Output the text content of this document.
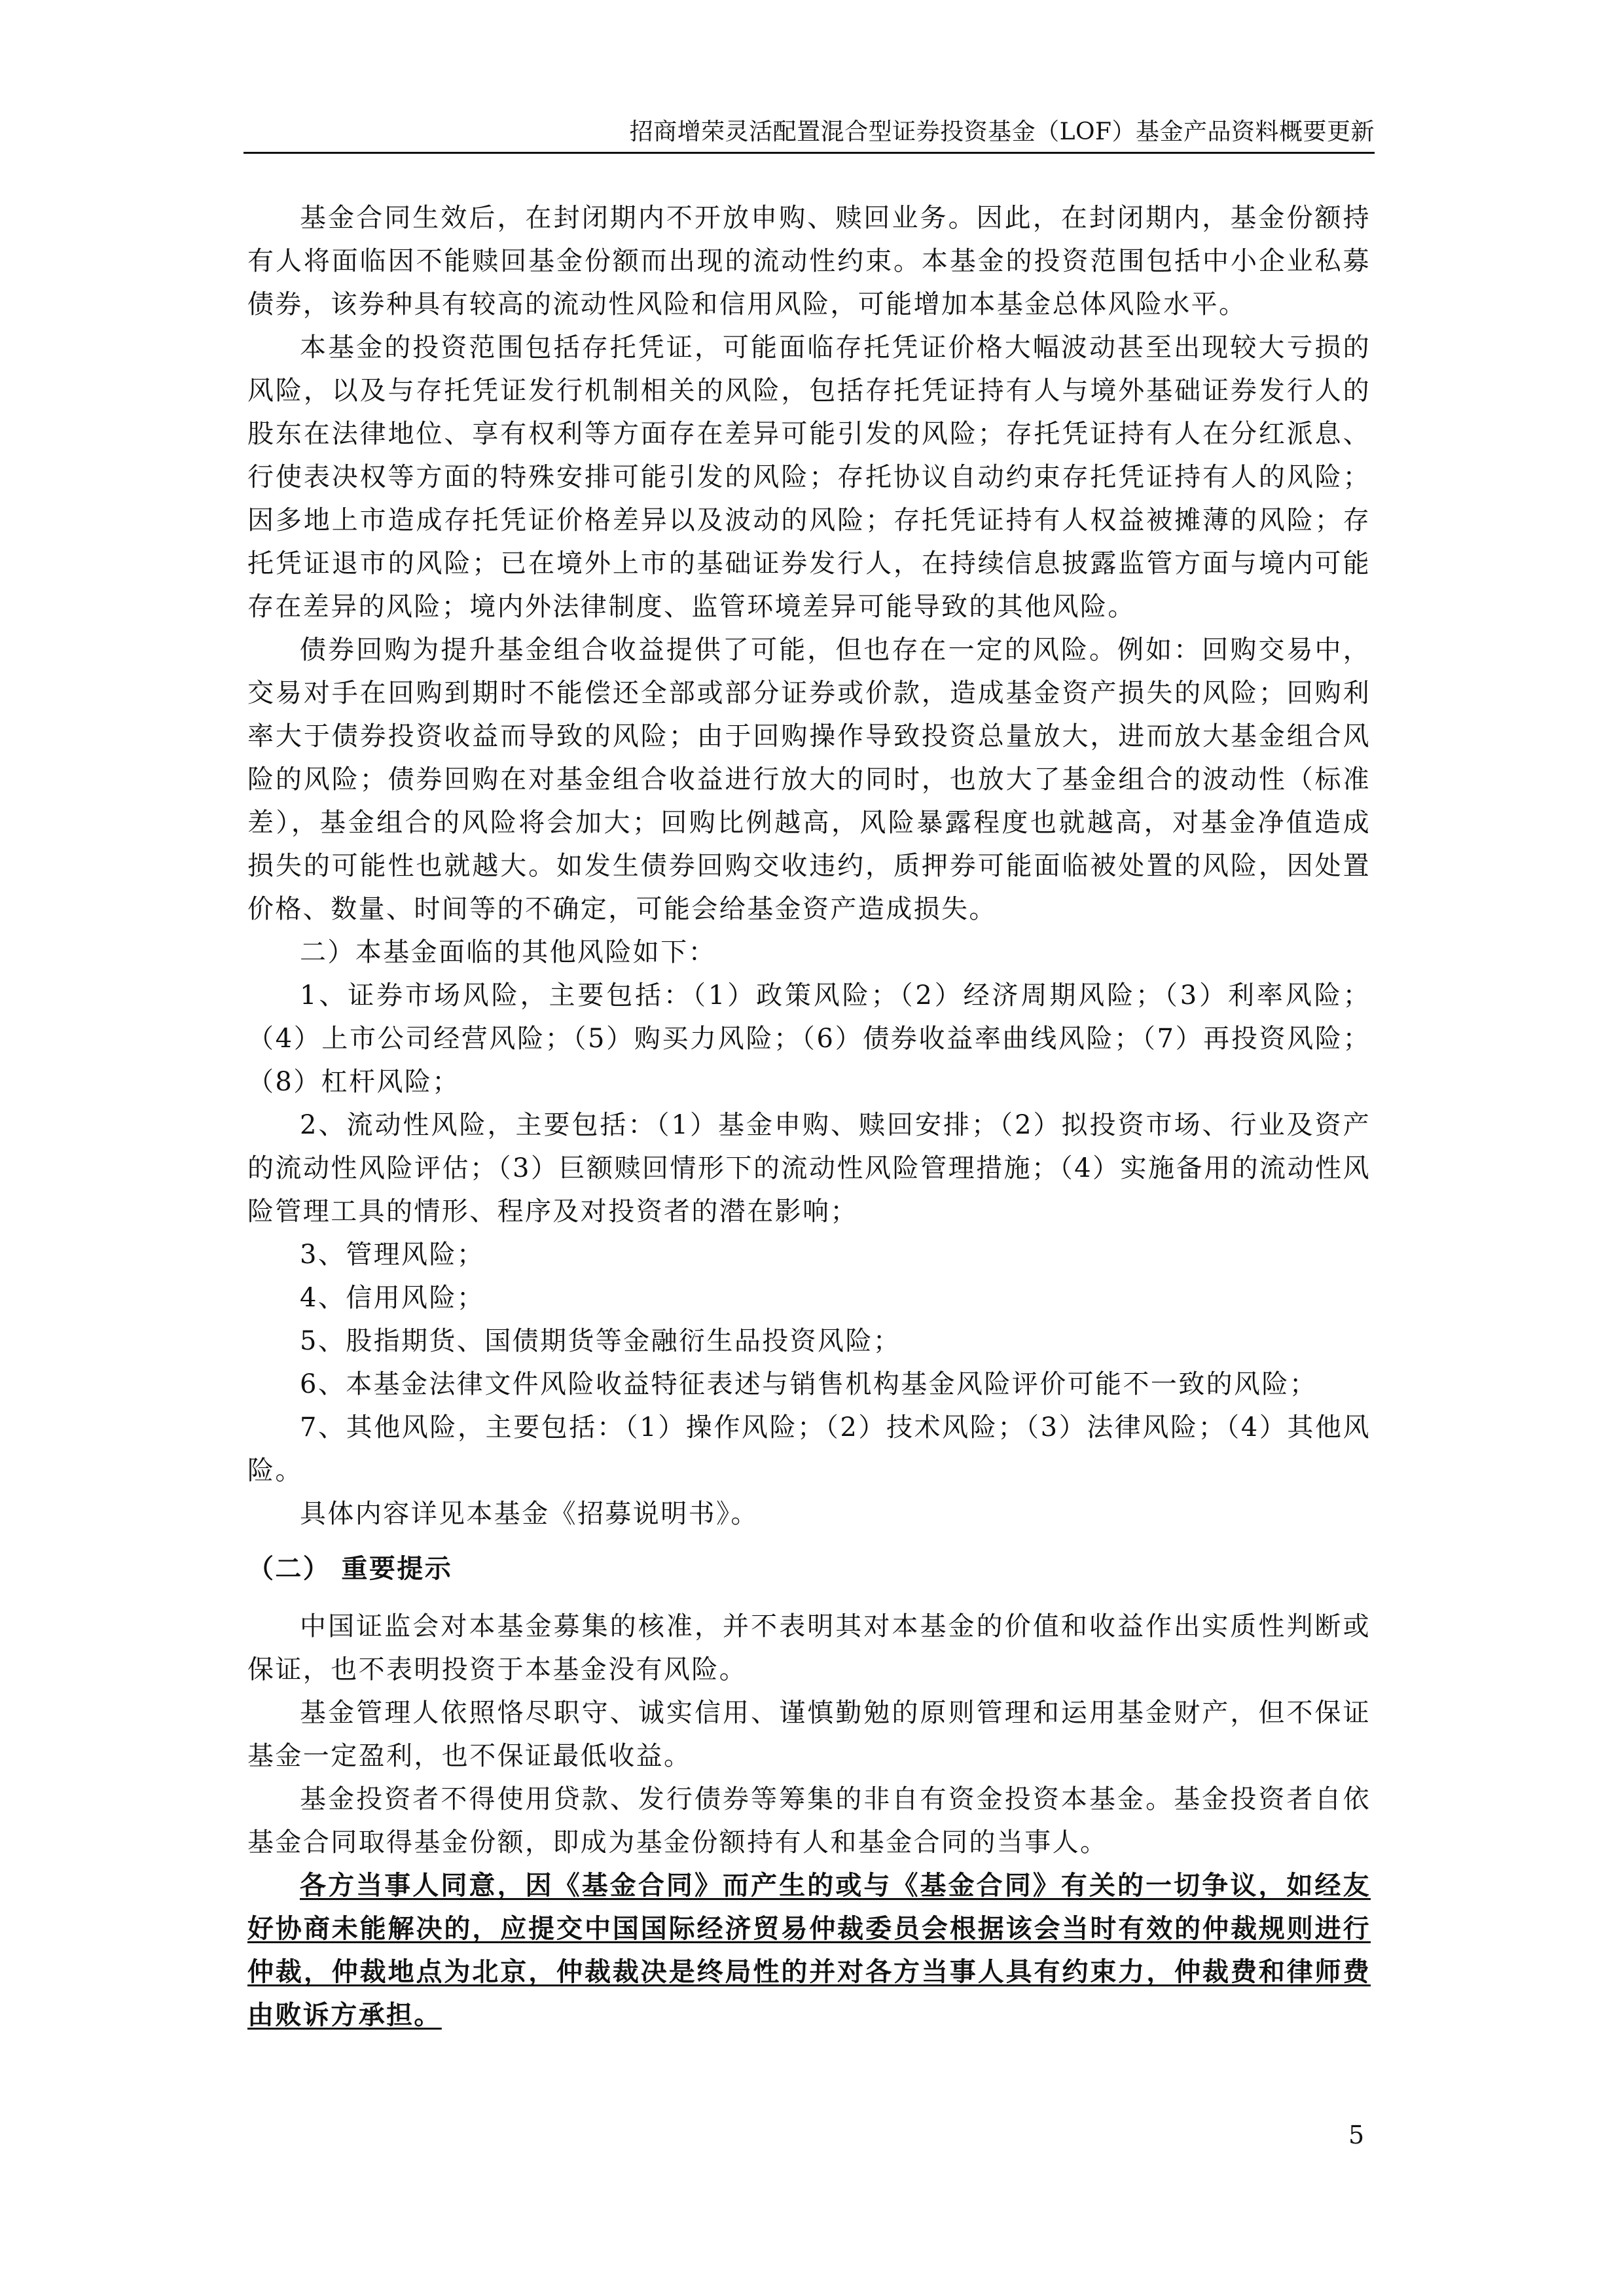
招商增荣灵活配置混合型证券投资基金（LOF）基金产品资料概要更新

基金合同生效后，在封闭期内不开放申购、赎回业务。因此，在封闭期内，基金份额持有人将面临因不能赎回基金份额而出现的流动性约束。本基金的投资范围包括中小企业私募债券，该券种具有较高的流动性风险和信用风险，可能增加本基金总体风险水平。

本基金的投资范围包括存托凭证，可能面临存托凭证价格大幅波动甚至出现较大亏损的风险，以及与存托凭证发行机制相关的风险，包括存托凭证持有人与境外基础证券发行人的股东在法律地位、享有权利等方面存在差异可能引发的风险；存托凭证持有人在分红派息、行使表决权等方面的特殊安排可能引发的风险；存托协议自动约束存托凭证持有人的风险；因多地上市造成存托凭证价格差异以及波动的风险；存托凭证持有人权益被摊薄的风险；存托凭证退市的风险；已在境外上市的基础证券发行人，在持续信息披露监管方面与境内可能存在差异的风险；境内外法律制度、监管环境差异可能导致的其他风险。

债券回购为提升基金组合收益提供了可能，但也存在一定的风险。例如：回购交易中，交易对手在回购到期时不能偿还全部或部分证券或价款，造成基金资产损失的风险；回购利率大于债券投资收益而导致的风险；由于回购操作导致投资总量放大，进而放大基金组合风险的风险；债券回购在对基金组合收益进行放大的同时，也放大了基金组合的波动性（标准差），基金组合的风险将会加大；回购比例越高，风险暴露程度也就越高，对基金净值造成损失的可能性也就越大。如发生债券回购交收违约，质押券可能面临被处置的风险，因处置价格、数量、时间等的不确定，可能会给基金资产造成损失。

二）本基金面临的其他风险如下：

1、证券市场风险，主要包括：（1）政策风险；（2）经济周期风险；（3）利率风险；（4）上市公司经营风险；（5）购买力风险；（6）债券收益率曲线风险；（7）再投资风险；（8）杠杆风险；

2、流动性风险，主要包括：（1）基金申购、赎回安排；（2）拟投资市场、行业及资产的流动性风险评估；（3）巨额赎回情形下的流动性风险管理措施；（4）实施备用的流动性风险管理工具的情形、程序及对投资者的潜在影响；

3、管理风险；

4、信用风险；

5、股指期货、国债期货等金融衍生品投资风险；

6、本基金法律文件风险收益特征表述与销售机构基金风险评价可能不一致的风险；

7、其他风险，主要包括：（1）操作风险；（2）技术风险；（3）法律风险；（4）其他风险。

具体内容详见本基金《招募说明书》。

（二） 重要提示

中国证监会对本基金募集的核准，并不表明其对本基金的价值和收益作出实质性判断或保证，也不表明投资于本基金没有风险。

基金管理人依照恪尽职守、诚实信用、谨慎勤勉的原则管理和运用基金财产，但不保证基金一定盈利，也不保证最低收益。

基金投资者不得使用贷款、发行债券等筹集的非自有资金投资本基金。基金投资者自依基金合同取得基金份额，即成为基金份额持有人和基金合同的当事人。

各方当事人同意，因《基金合同》而产生的或与《基金合同》有关的一切争议，如经友好协商未能解决的，应提交中国国际经济贸易仲裁委员会根据该会当时有效的仲裁规则进行仲裁，仲裁地点为北京，仲裁裁决是终局性的并对各方当事人具有约束力，仲裁费和律师费由败诉方承担。

5
